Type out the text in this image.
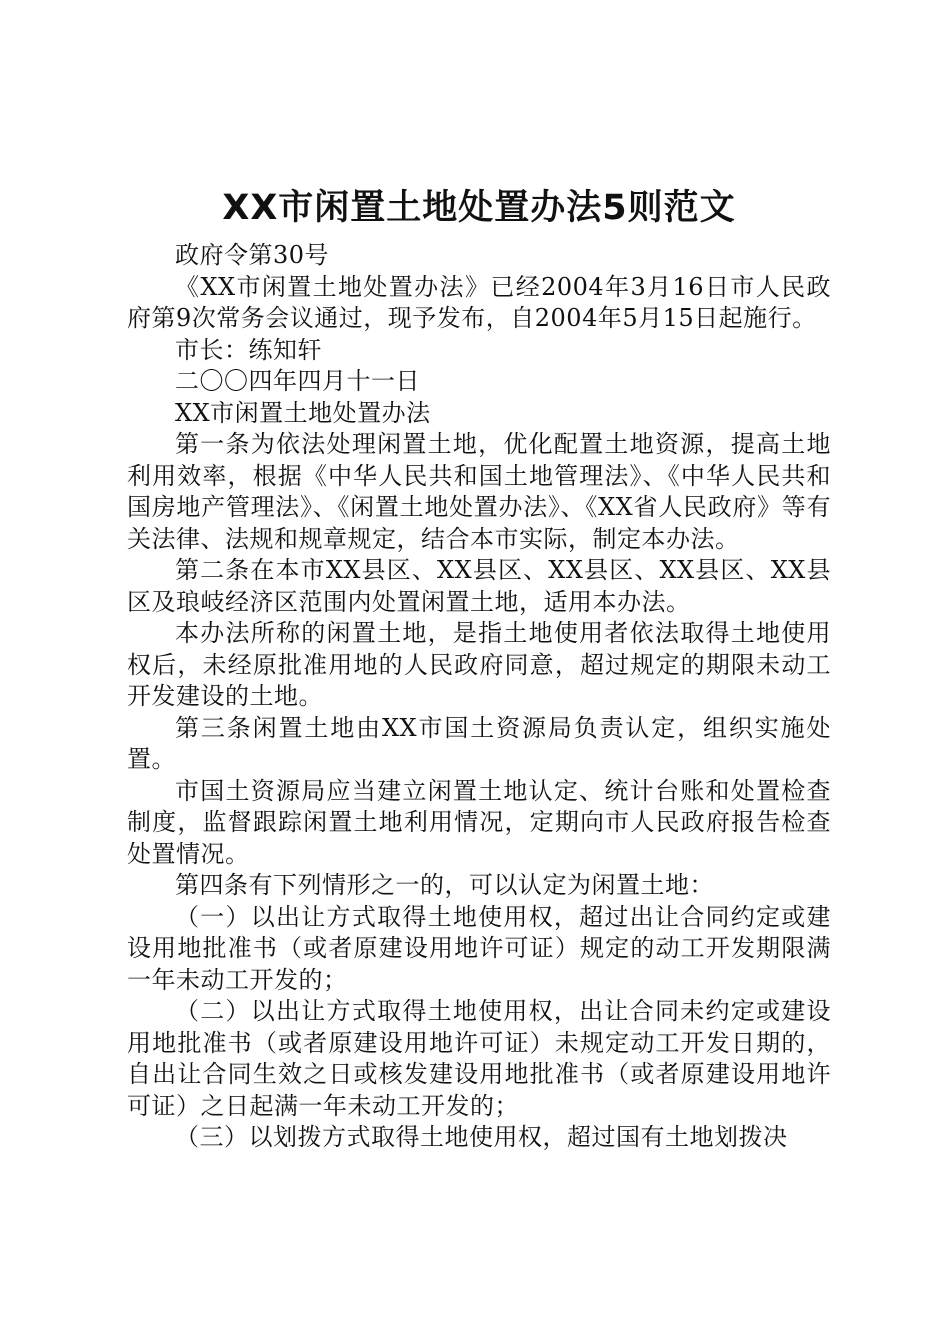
XX市闲置土地处置办法5则范文

政府令第30号

《XX市闲置土地处置办法》已经2004年3月16日市人民政府第9次常务会议通过，现予发布，自2004年5月15日起施行。

市长：练知轩

二〇〇四年四月十一日

XX市闲置土地处置办法

第一条为依法处理闲置土地，优化配置土地资源，提高土地利用效率，根据《中华人民共和国土地管理法》、《中华人民共和国房地产管理法》、《闲置土地处置办法》、《XX省人民政府》等有关法律、法规和规章规定，结合本市实际，制定本办法。

第二条在本市XX县区、XX县区、XX县区、XX县区、XX县区及琅岐经济区范围内处置闲置土地，适用本办法。

本办法所称的闲置土地，是指土地使用者依法取得土地使用权后，未经原批准用地的人民政府同意，超过规定的期限未动工开发建设的土地。

第三条闲置土地由XX市国土资源局负责认定，组织实施处置。

市国土资源局应当建立闲置土地认定、统计台账和处置检查制度，监督跟踪闲置土地利用情况，定期向市人民政府报告检查处置情况。

第四条有下列情形之一的，可以认定为闲置土地：

（一）以出让方式取得土地使用权，超过出让合同约定或建设用地批准书（或者原建设用地许可证）规定的动工开发期限满一年未动工开发的；

（二）以出让方式取得土地使用权，出让合同未约定或建设用地批准书（或者原建设用地许可证）未规定动工开发日期的，自出让合同生效之日或核发建设用地批准书（或者原建设用地许可证）之日起满一年未动工开发的；

（三）以划拨方式取得土地使用权，超过国有土地划拨决
